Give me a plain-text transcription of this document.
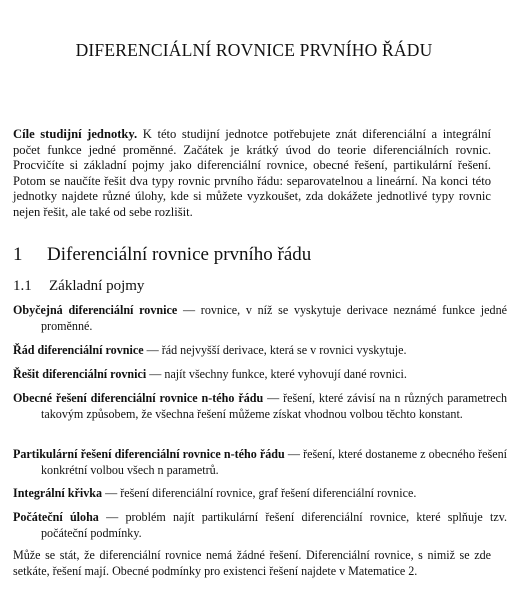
DIFERENCIÁLNÍ ROVNICE PRVNÍHO ŘÁDU
Cíle studijní jednotky. K této studijní jednotce potřebujete znát diferenciální a integrální počet funkce jedné proměnné. Začátek je krátký úvod do teorie diferenciálních rovnic. Procvičíte si základní pojmy jako diferenciální rovnice, obecné řešení, partikulární řešení. Potom se naučíte řešit dva typy rovnic prvního řádu: separovatelnou a lineární. Na konci této jednotky najdete různé úlohy, kde si můžete vyzkoušet, zda dokážete jednotlivé typy rovnic nejen řešit, ale také od sebe rozlišit.
1 Diferenciální rovnice prvního řádu
1.1 Základní pojmy
Obyčejná diferenciální rovnice — rovnice, v níž se vyskytuje derivace neznámé funkce jedné proměnné.
Řád diferenciální rovnice — řád nejvyšší derivace, která se v rovnici vyskytuje.
Řešit diferenciální rovnici — najít všechny funkce, které vyhovují dané rovnici.
Obecné řešení diferenciální rovnice n-tého řádu — řešení, které závisí na n různých parametrech takovým způsobem, že všechna řešení můžeme získat vhodnou volbou těchto konstant.
Partikulární řešení diferenciální rovnice n-tého řádu — řešení, které dostaneme z obecného řešení konkrétní volbou všech n parametrů.
Integrální křivka — řešení diferenciální rovnice, graf řešení diferenciální rovnice.
Počáteční úloha — problém najít partikulární řešení diferenciální rovnice, které splňuje tzv. počáteční podmínky.
Může se stát, že diferenciální rovnice nemá žádné řešení. Diferenciální rovnice, s nimiž se zde setkáte, řešení mají. Obecné podmínky pro existenci řešení najdete v Matematice 2.
